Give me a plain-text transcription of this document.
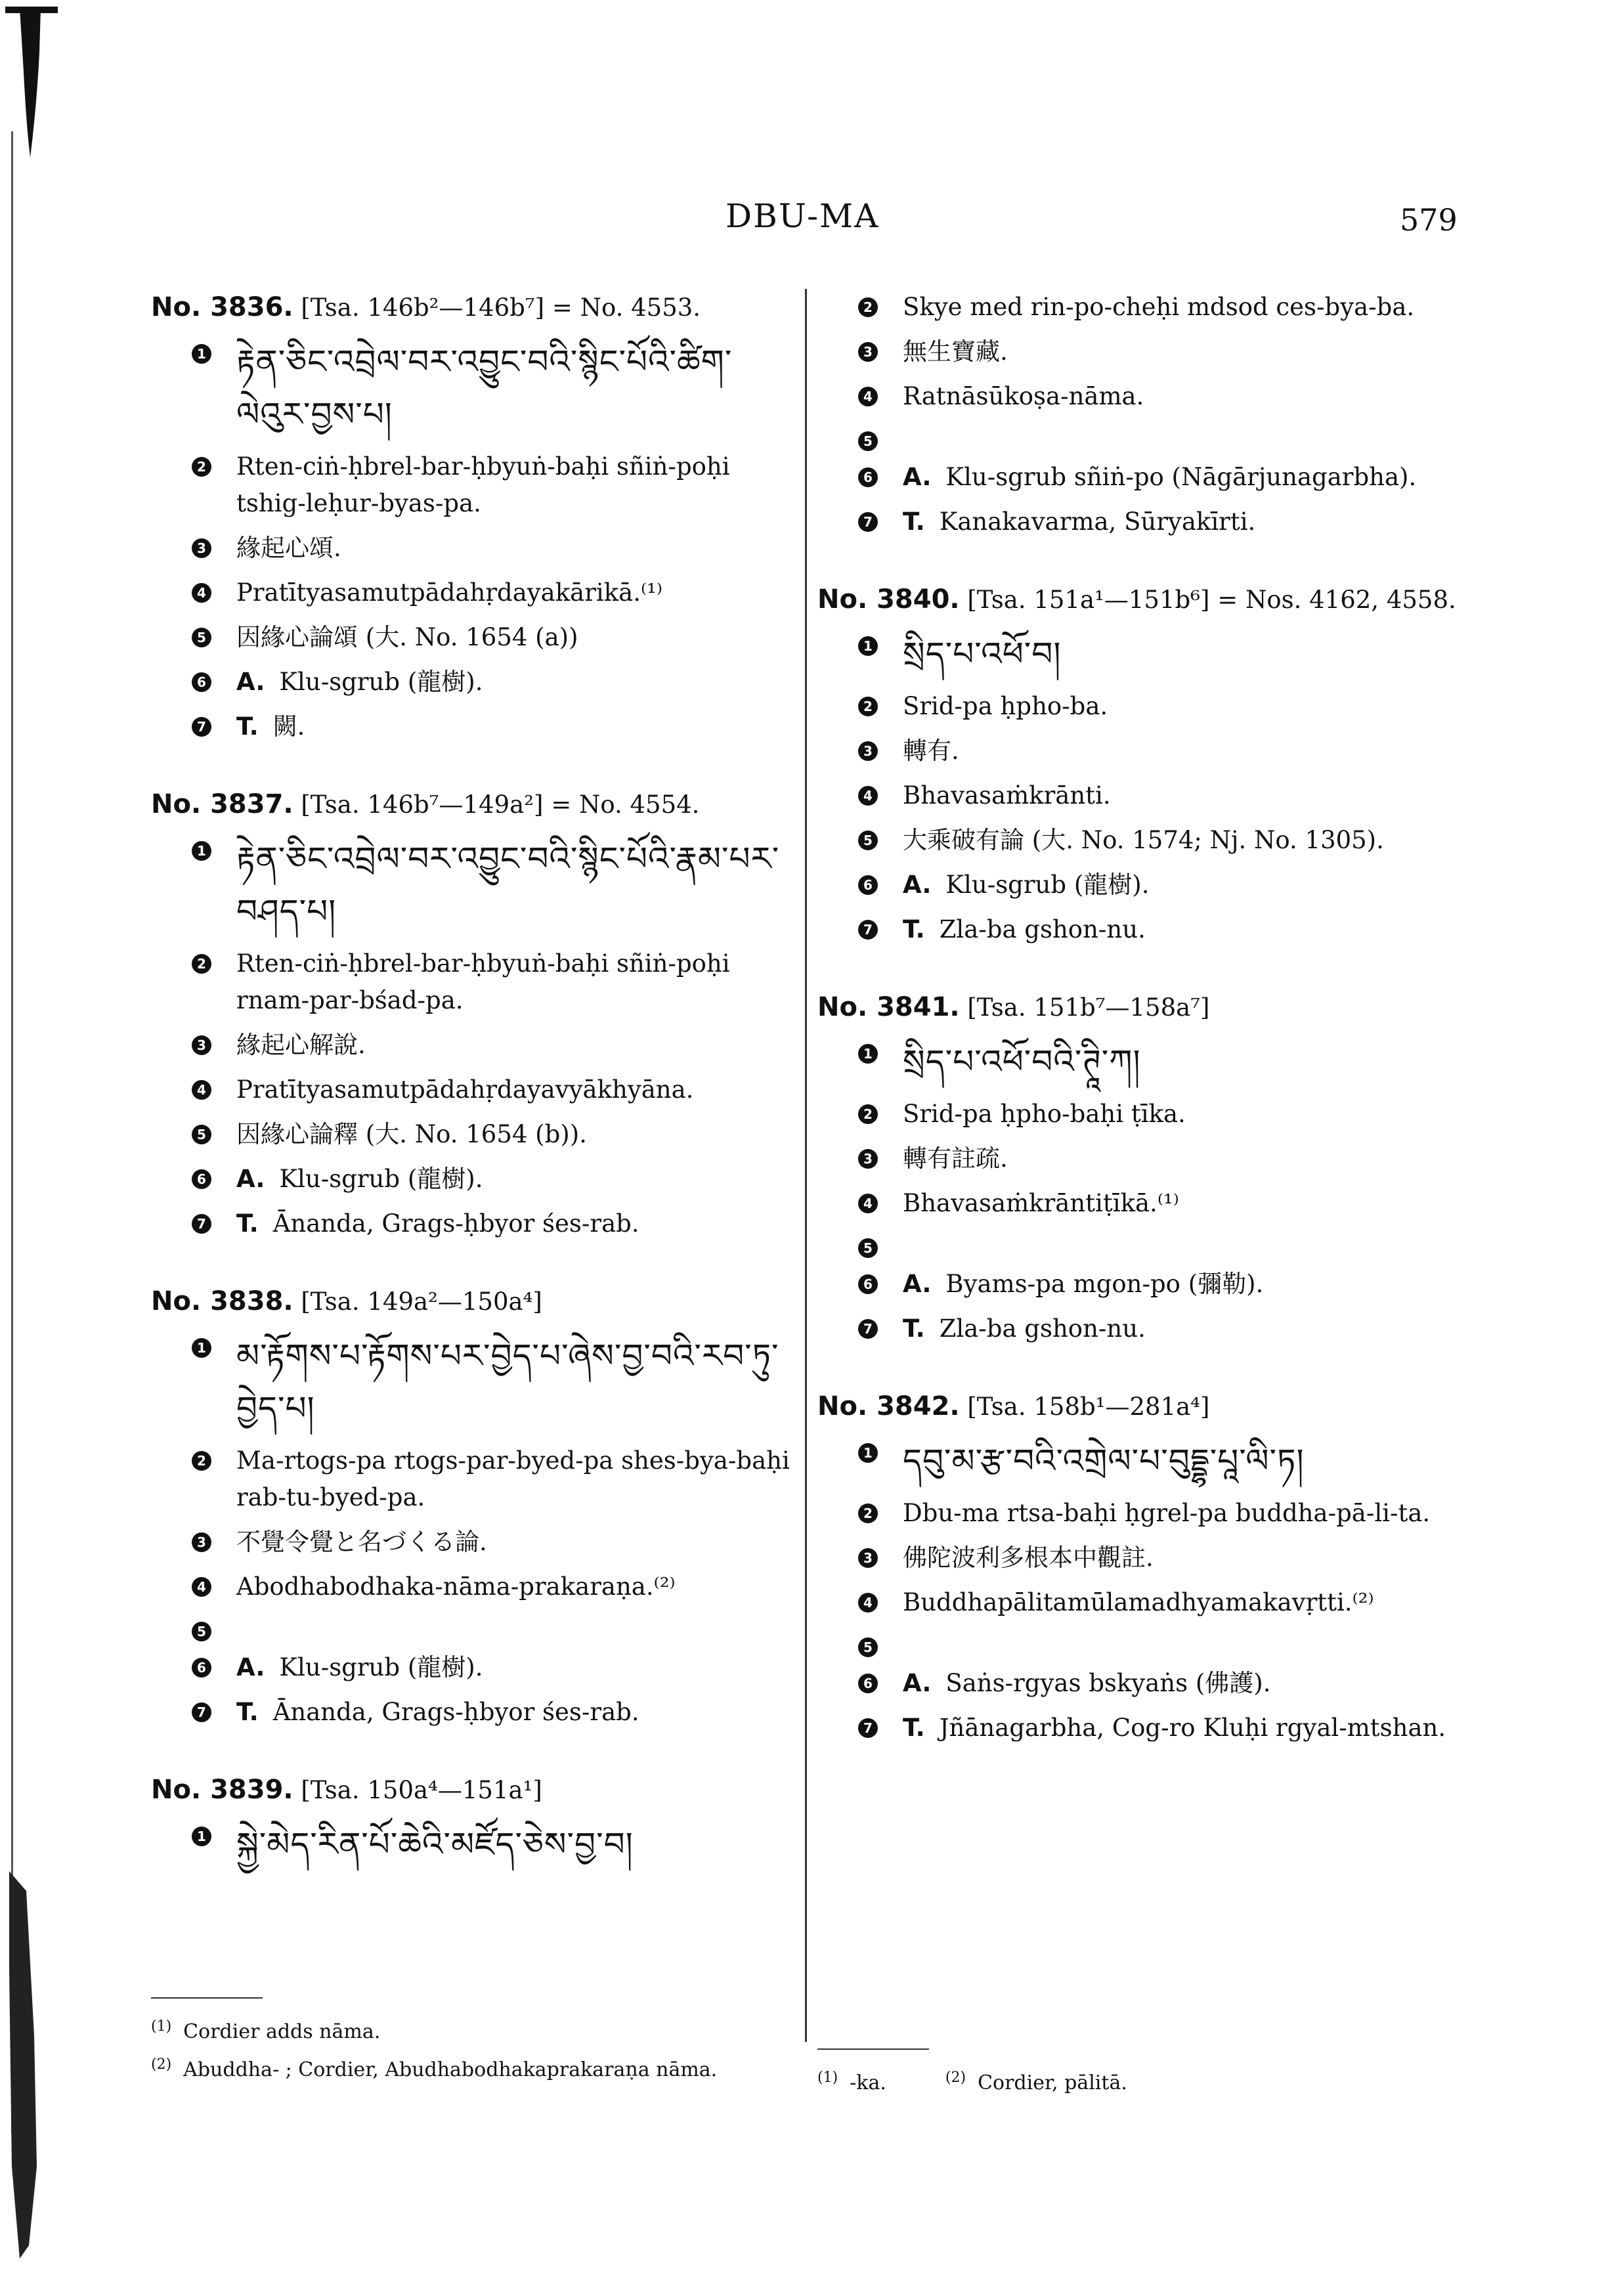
DBU-MA	579
No. 3836. [Tsa. 146b²—146b⁷] = No. 4553.
1 རྟེན་ཅིང་འབྲེལ་བར་འབྱུང་བའི་སྙིང་པོའི་ཚིག་ལེའུར་བྱས་པ།
2 Rten-ciṅ-ḥbrel-bar-ḥbyuṅ-baḥi sñiṅ-poḥi tshig-leḥur-byas-pa.
3 緣起心頌.
4 Pratītyasamutpādahṛdayakārikā.⁽¹⁾
5 因緣心論頌 (大. No. 1654 (a))
6 A. Klu-sgrub (龍樹).
7 T. 闕.
No. 3837. [Tsa. 146b⁷—149a²] = No. 4554.
1 རྟེན་ཅིང་འབྲེལ་བར་འབྱུང་བའི་སྙིང་པོའི་རྣམ་པར་བཤད་པ།
2 Rten-ciṅ-ḥbrel-bar-ḥbyuṅ-baḥi sñiṅ-poḥi rnam-par-bśad-pa.
3 緣起心解說.
4 Pratītyasamutpādahṛdayavyākhyāna.
5 因緣心論釋 (大. No. 1654 (b)).
6 A. Klu-sgrub (龍樹).
7 T. Ānanda, Grags-ḥbyor śes-rab.
No. 3838. [Tsa. 149a²—150a⁴]
1 མ་རྟོགས་པ་རྟོགས་པར་བྱེད་པ་ཞེས་བྱ་བའི་རབ་ཏུ་བྱེད་པ།
2 Ma-rtogs-pa rtogs-par-byed-pa shes-bya-baḥi rab-tu-byed-pa.
3 不覺令覺と名づくる論.
4 Abodhabodhaka-nāma-prakaraṇa.⁽²⁾
5
6 A. Klu-sgrub (龍樹).
7 T. Ānanda, Grags-ḥbyor śes-rab.
No. 3839. [Tsa. 150a⁴—151a¹]
1 སྐྱེ་མེད་རིན་པོ་ཆེའི་མཛོད་ཅེས་བྱ་བ།
2 Skye med rin-po-cheḥi mdsod ces-bya-ba.
3 無生寶藏.
4 Ratnāsūkoṣa-nāma.
5
6 A. Klu-sgrub sñiṅ-po (Nāgārjunagarbha).
7 T. Kanakavarma, Sūryakīrti.
No. 3840. [Tsa. 151a¹—151b⁶] = Nos. 4162, 4558.
1 སྲིད་པ་འཕོ་བ།
2 Srid-pa ḥpho-ba.
3 轉有.
4 Bhavasaṁkrānti.
5 大乘破有論 (大. No. 1574; Nj. No. 1305).
6 A. Klu-sgrub (龍樹).
7 T. Zla-ba gshon-nu.
No. 3841. [Tsa. 151b⁷—158a⁷]
1 སྲིད་པ་འཕོ་བའི་ཊཱི་ཀ།
2 Srid-pa ḥpho-baḥi ṭīka.
3 轉有註疏.
4 Bhavasaṁkrāntiṭīkā.⁽¹⁾
5
6 A. Byams-pa mgon-po (彌勒).
7 T. Zla-ba gshon-nu.
No. 3842. [Tsa. 158b¹—281a⁴]
1 དབུ་མ་རྩ་བའི་འགྲེལ་པ་བུདྡྷ་པཱ་ལི་ཏ།
2 Dbu-ma rtsa-baḥi ḥgrel-pa buddha-pā-li-ta.
3 佛陀波利多根本中觀註.
4 Buddhapālitamūlamadhyamakavṛtti.⁽²⁾
5
6 A. Saṅs-rgyas bskyaṅs (佛護).
7 T. Jñānagarbha, Cog-ro Kluḥi rgyal-mtshan.
$^{(1)}$ Cordier adds nāma.
$^{(2)}$ Abuddha- ; Cordier, Abudhabodhakaprakaraṇa nāma.	$^{(1)}$ -ka.	$^{(2)}$ Cordier, pālitā.
